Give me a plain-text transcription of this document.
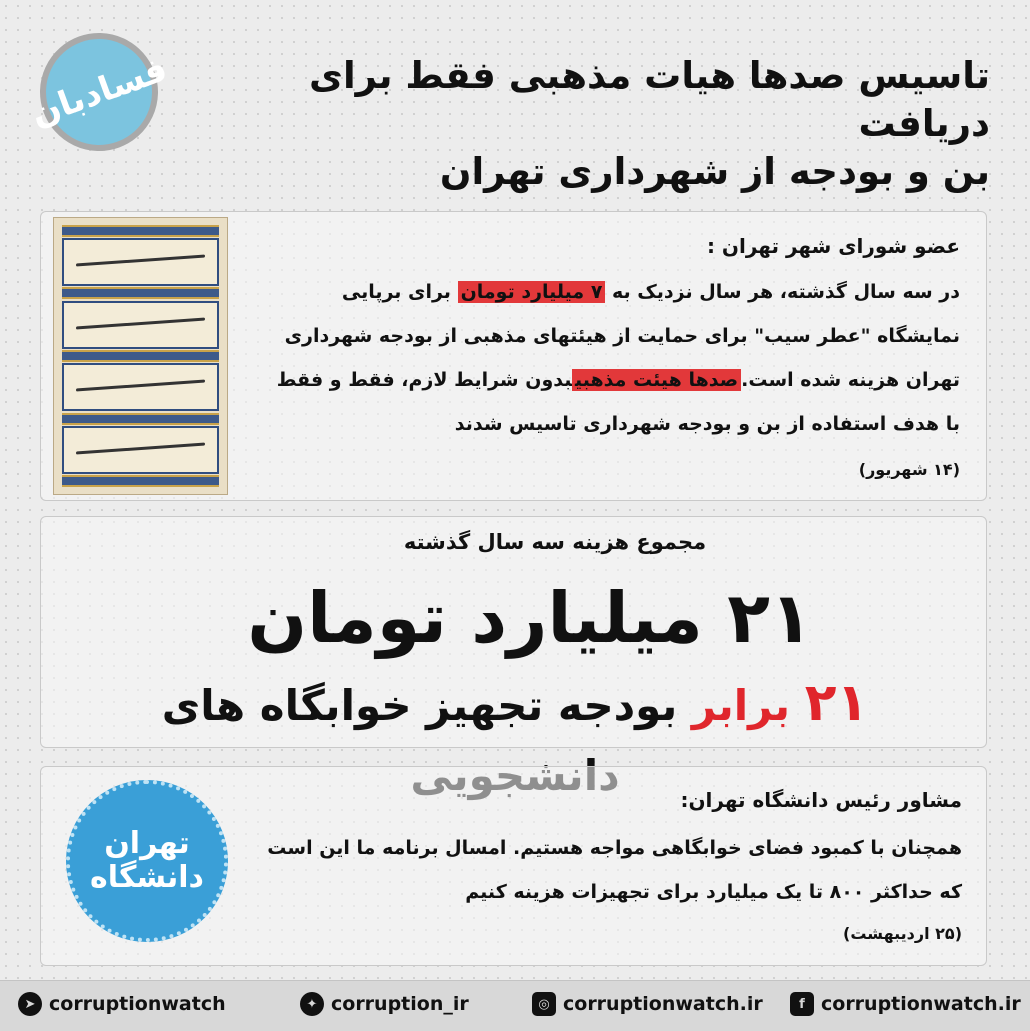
فسادبان	تاسیس صدها هیات مذهبی فقط برای دریافت
بن و بودجه از شهرداری تهران
عضو شورای شهر تهران :
در سه سال گذشته، هر سال نزدیک به ۷ میلیارد تومان برای برپایی نمایشگاه "عطر سیب" برای حمایت از هیئتهای مذهبی از بودجه شهرداری تهران هزینه شده است.صدها هیئت مذهبیبدون شرایط لازم، فقط و فقط با هدف استفاده از بن و بودجه شهرداری تاسیس شدند
(۱۴ شهریور)
مجموع هزینه سه سال گذشته
۲۱ میلیارد تومان
۲۱ برابر بودجه تجهیز خوابگاه های
تهران
دانشگاه
مشاور رئیس دانشگاه تهران:
همچنان با کمبود فضای خوابگاهی مواجه هستیم. امسال برنامه ما این است که حداکثر ۸۰۰ تا یک میلیارد برای تجهیزات هزینه کنیم
(۲۵ اردیبهشت)
➤ corruptionwatch	✦ corruption_ir	◎ corruptionwatch.ir	f corruptionwatch.ir
